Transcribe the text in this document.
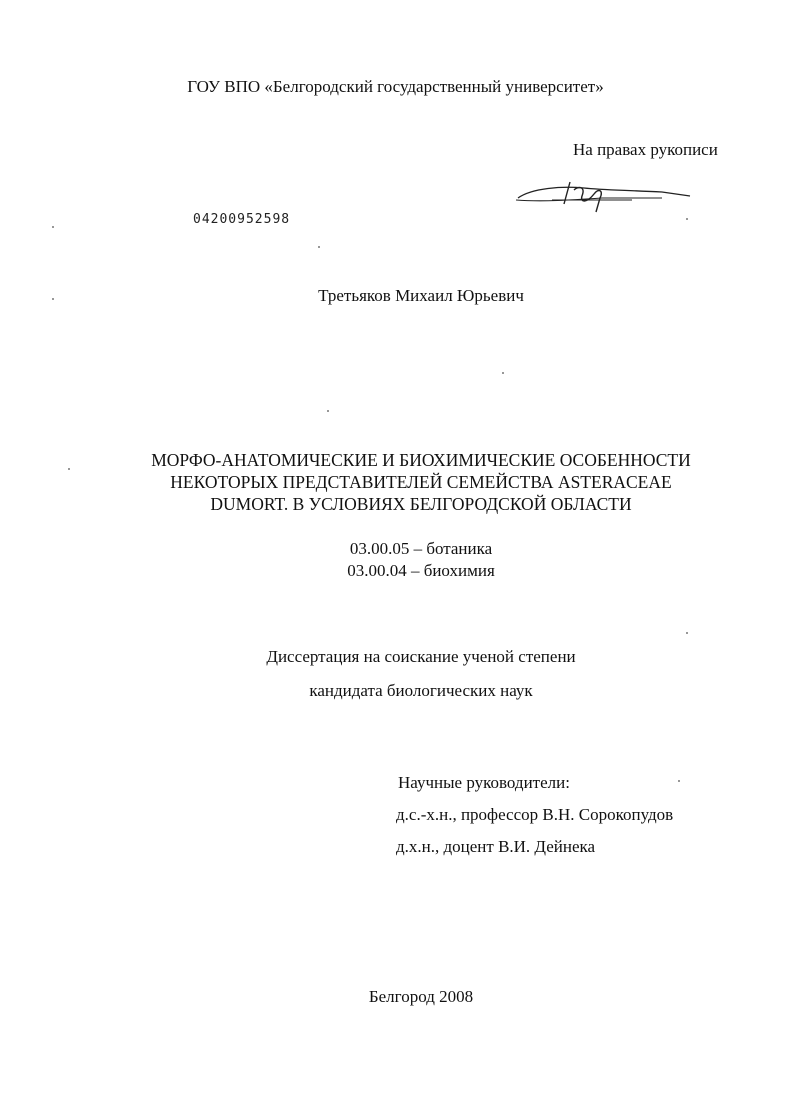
ГОУ ВПО «Белгородский государственный университет»
На правах рукописи
04200952598
Третьяков Михаил Юрьевич
МОРФО-АНАТОМИЧЕСКИЕ И БИОХИМИЧЕСКИЕ ОСОБЕННОСТИ
НЕКОТОРЫХ ПРЕДСТАВИТЕЛЕЙ СЕМЕЙСТВА ASTERACEAE
DUMORT. В УСЛОВИЯХ БЕЛГОРОДСКОЙ ОБЛАСТИ
03.00.05 – ботаника
03.00.04 – биохимия
Диссертация на соискание ученой степени
кандидата биологических наук
Научные руководители:
д.с.-х.н., профессор В.Н. Сорокопудов
д.х.н., доцент В.И. Дейнека
Белгород 2008
